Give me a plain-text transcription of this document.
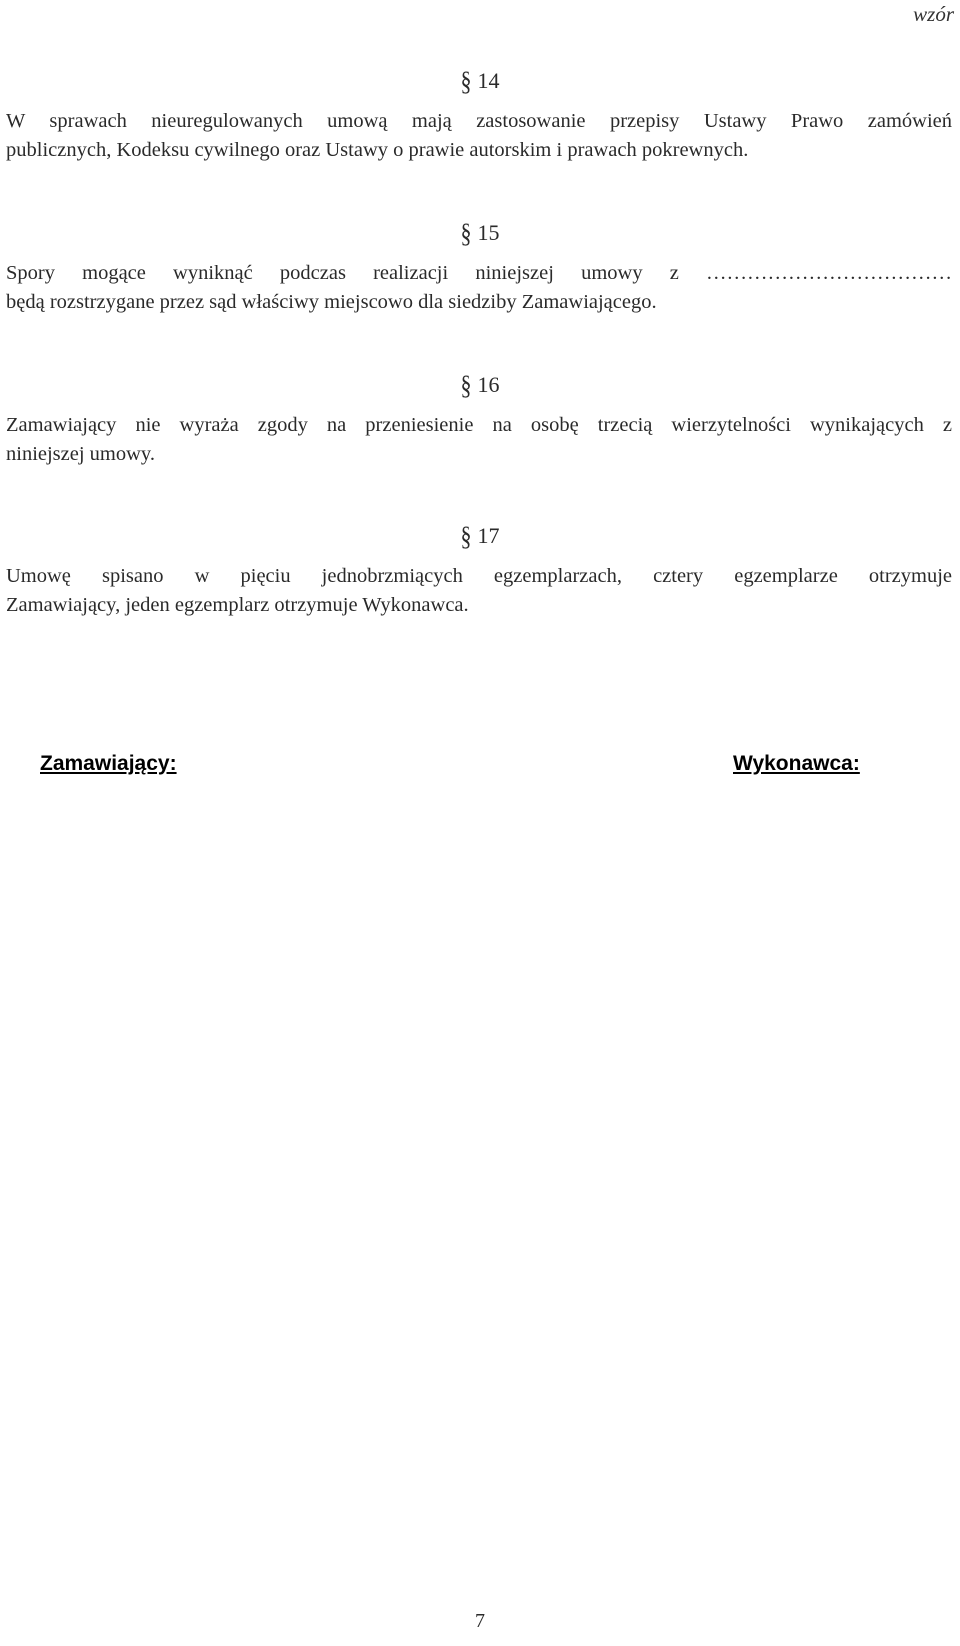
wzór
§ 14
W sprawach nieuregulowanych umową mają zastosowanie przepisy Ustawy Prawo zamówień
publicznych, Kodeksu cywilnego oraz Ustawy o prawie autorskim i prawach pokrewnych.
§ 15
Spory mogące wyniknąć podczas realizacji niniejszej umowy z ………………………………
będą rozstrzygane przez sąd właściwy miejscowo dla siedziby Zamawiającego.
§ 16
Zamawiający nie wyraża zgody na przeniesienie na osobę trzecią wierzytelności wynikających z
niniejszej umowy.
§ 17
Umowę spisano w pięciu jednobrzmiących egzemplarzach, cztery egzemplarze otrzymuje
Zamawiający, jeden egzemplarz otrzymuje Wykonawca.
Zamawiający:	Wykonawca:
7
